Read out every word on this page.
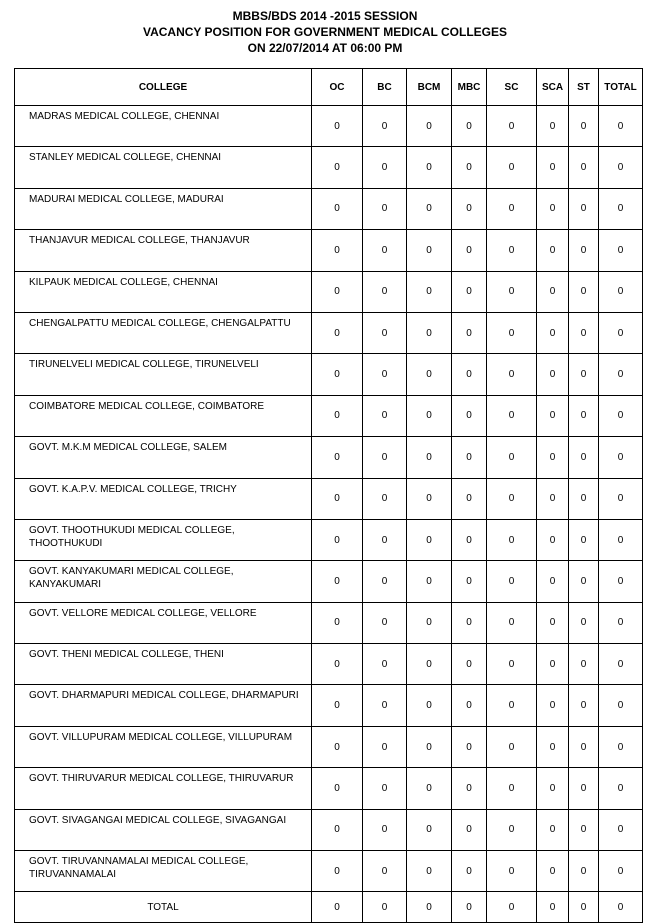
MBBS/BDS 2014 -2015 SESSION
VACANCY POSITION FOR GOVERNMENT MEDICAL COLLEGES
ON 22/07/2014 AT 06:00 PM
COLLEGE	OC	BC	BCM	MBC	SC	SCA	ST	TOTAL
MADRAS MEDICAL COLLEGE, CHENNAI	0	0	0	0	0	0	0	0
STANLEY MEDICAL COLLEGE, CHENNAI	0	0	0	0	0	0	0	0
MADURAI MEDICAL COLLEGE, MADURAI	0	0	0	0	0	0	0	0
THANJAVUR MEDICAL COLLEGE, THANJAVUR	0	0	0	0	0	0	0	0
KILPAUK MEDICAL COLLEGE, CHENNAI	0	0	0	0	0	0	0	0
CHENGALPATTU MEDICAL COLLEGE, CHENGALPATTU	0	0	0	0	0	0	0	0
TIRUNELVELI MEDICAL COLLEGE, TIRUNELVELI	0	0	0	0	0	0	0	0
COIMBATORE MEDICAL COLLEGE, COIMBATORE	0	0	0	0	0	0	0	0
GOVT. M.K.M MEDICAL COLLEGE, SALEM	0	0	0	0	0	0	0	0
GOVT. K.A.P.V. MEDICAL COLLEGE, TRICHY	0	0	0	0	0	0	0	0
GOVT. THOOTHUKUDI MEDICAL COLLEGE, THOOTHUKUDI	0	0	0	0	0	0	0	0
GOVT. KANYAKUMARI MEDICAL COLLEGE, KANYAKUMARI	0	0	0	0	0	0	0	0
GOVT. VELLORE MEDICAL COLLEGE, VELLORE	0	0	0	0	0	0	0	0
GOVT. THENI MEDICAL COLLEGE, THENI	0	0	0	0	0	0	0	0
GOVT. DHARMAPURI MEDICAL COLLEGE, DHARMAPURI	0	0	0	0	0	0	0	0
GOVT. VILLUPURAM MEDICAL COLLEGE, VILLUPURAM	0	0	0	0	0	0	0	0
GOVT. THIRUVARUR MEDICAL COLLEGE, THIRUVARUR	0	0	0	0	0	0	0	0
GOVT. SIVAGANGAI MEDICAL COLLEGE, SIVAGANGAI	0	0	0	0	0	0	0	0
GOVT. TIRUVANNAMALAI MEDICAL COLLEGE, TIRUVANNAMALAI	0	0	0	0	0	0	0	0
TOTAL	0	0	0	0	0	0	0	0
